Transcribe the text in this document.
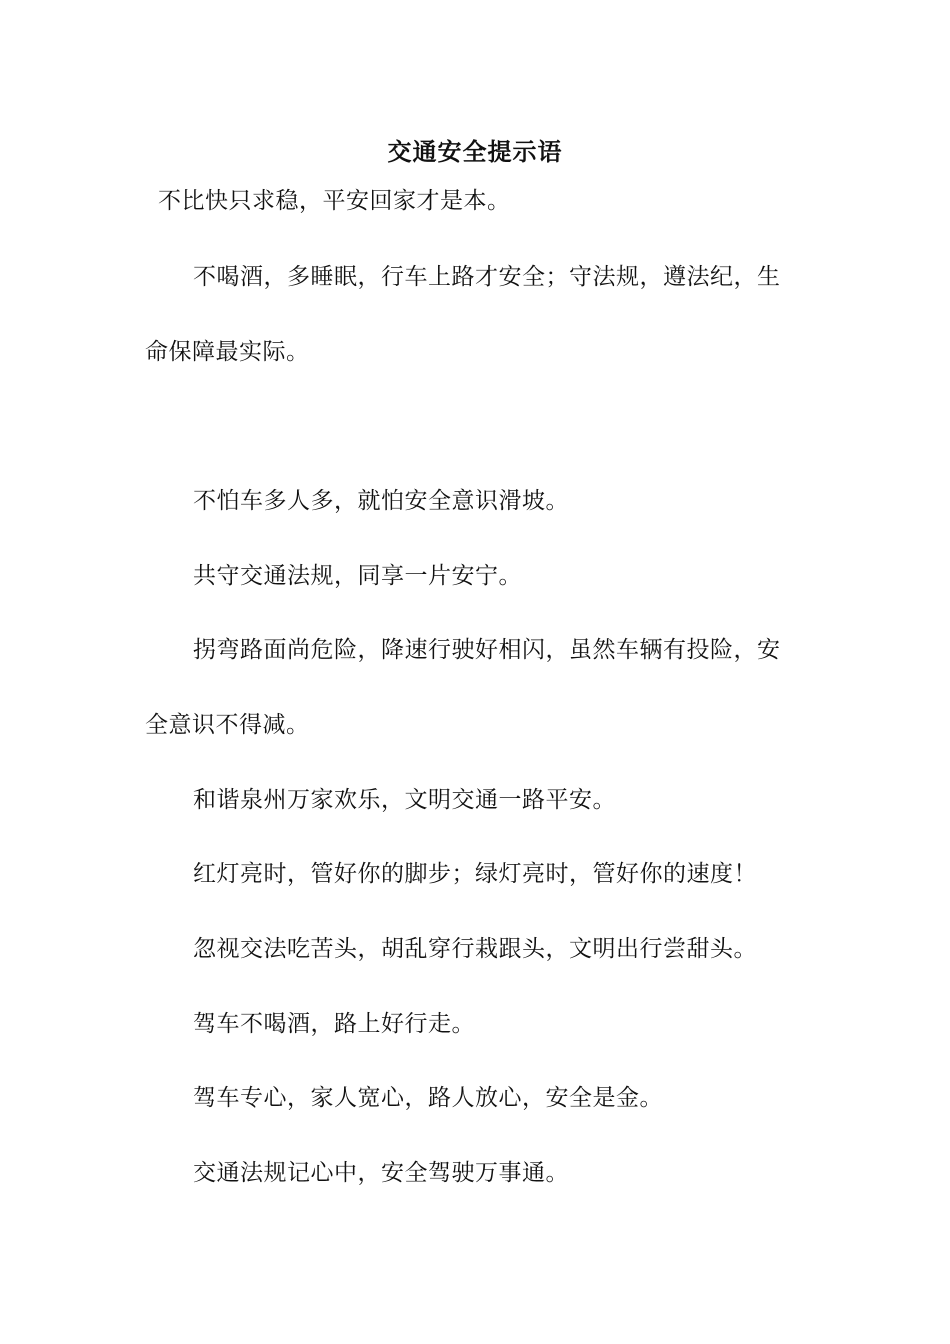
交通安全提示语
不比快只求稳，平安回家才是本。
不喝酒，多睡眠，行车上路才安全；守法规，遵法纪，生
命保障最实际。
不怕车多人多，就怕安全意识滑坡。
共守交通法规，同享一片安宁。
拐弯路面尚危险，降速行驶好相闪，虽然车辆有投险，安
全意识不得减。
和谐泉州万家欢乐，文明交通一路平安。
红灯亮时，管好你的脚步；绿灯亮时，管好你的速度！
忽视交法吃苦头，胡乱穿行栽跟头，文明出行尝甜头。
驾车不喝酒，路上好行走。
驾车专心，家人宽心，路人放心，安全是金。
交通法规记心中，安全驾驶万事通。
